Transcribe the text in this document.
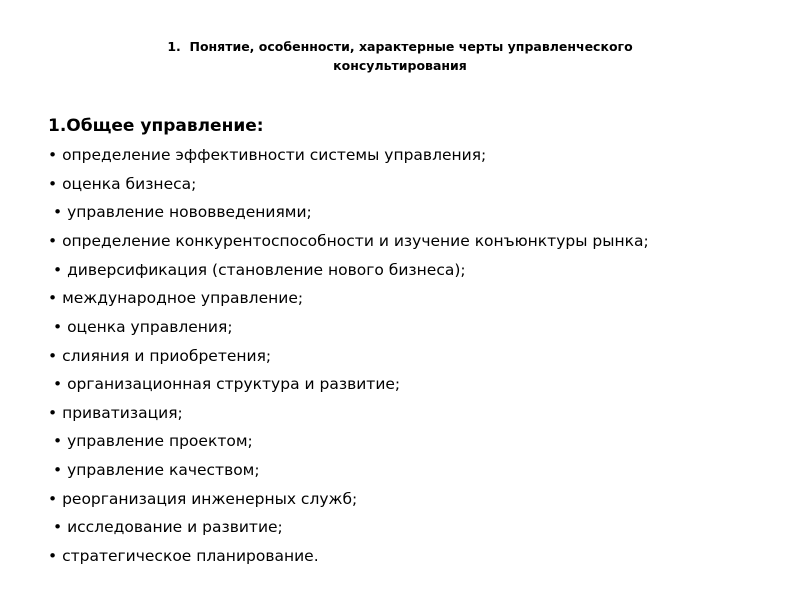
1. Понятие, особенности, характерные черты управленческого
консультирования
1.Общее управление:
• определение эффективности системы управления;
• оценка бизнеса;
• управление нововведениями;
• определение конкурентоспособности и изучение конъюнктуры рынка;
• диверсификация (становление нового бизнеса);
• международное управление;
• оценка управления;
• слияния и приобретения;
• организационная структура и развитие;
• приватизация;
• управление проектом;
• управление качеством;
• реорганизация инженерных служб;
• исследование и развитие;
• стратегическое планирование.
